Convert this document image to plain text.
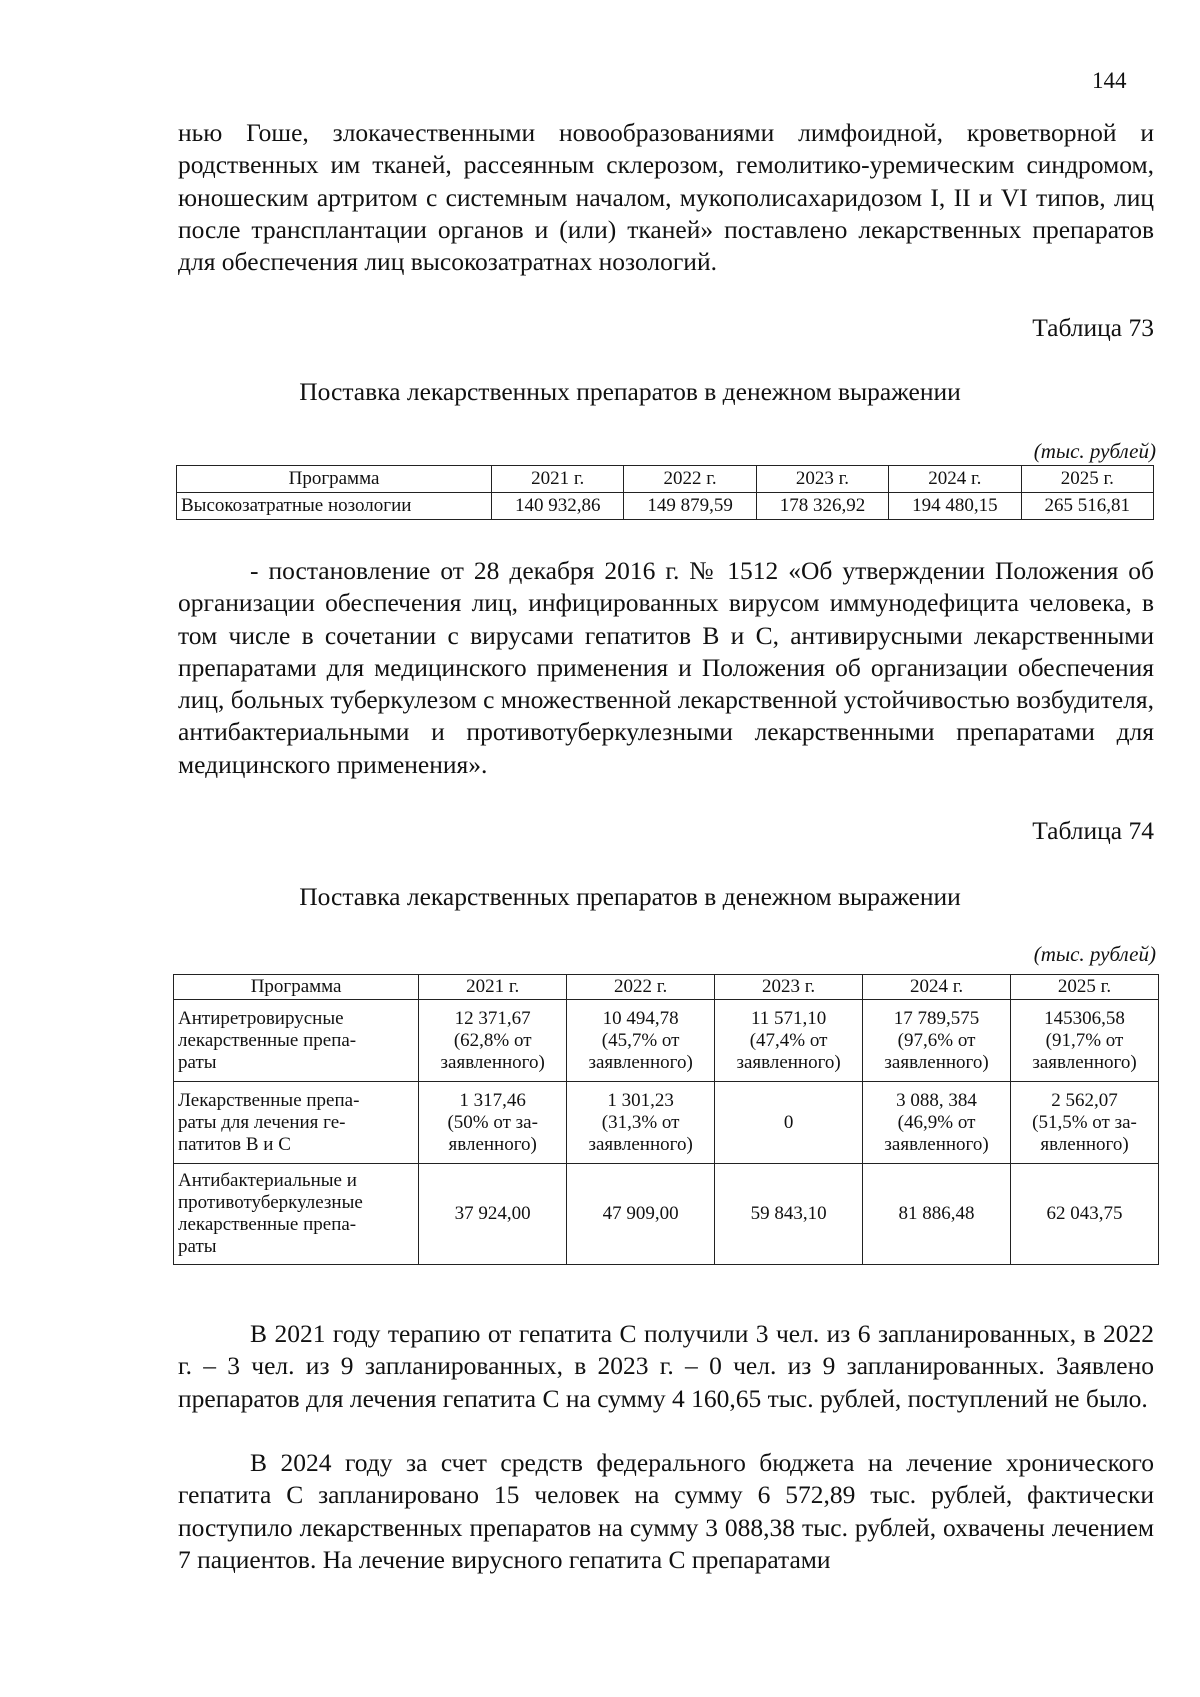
144

нью Гоше, злокачественными новообразованиями лимфоидной, кроветворной и родственных им тканей, рассеянным склерозом, гемолитико-уремическим синдромом, юношеским артритом с системным началом, мукополисахаридозом I, II и VI типов, лиц после трансплантации органов и (или) тканей» поставлено лекарственных препаратов для обеспечения лиц высокозатратнах нозологий.

Таблица 73
Поставка лекарственных препаратов в денежном выражении
(тыс. рублей)
Программа	2021 г.	2022 г.	2023 г.	2024 г.	2025 г.
Высокозатратные нозологии	140 932,86	149 879,59	178 326,92	194 480,15	265 516,81

- постановление от 28 декабря 2016 г. № 1512 «Об утверждении Положения об организации обеспечения лиц, инфицированных вирусом иммунодефицита человека, в том числе в сочетании с вирусами гепатитов В и С, антивирусными лекарственными препаратами для медицинского применения и Положения об организации обеспечения лиц, больных туберкулезом с множественной лекарственной устойчивостью возбудителя, антибактериальными и противотуберкулезными лекарственными препаратами для медицинского применения».

Таблица 74
Поставка лекарственных препаратов в денежном выражении
(тыс. рублей)
Программа	2021 г.	2022 г.	2023 г.	2024 г.	2025 г.

Антиретровирусные
лекарственные препа-
раты	12 371,67
(62,8% от
заявленного)	10 494,78
(45,7% от
заявленного)	11 571,10
(47,4% от
заявленного)	17 789,575
(97,6% от
заявленного)	145306,58
(91,7% от
заявленного)

Лекарственные препа-
раты для лечения ге-
патитов В и С	1 317,46
(50% от за-
явленного)	1 301,23
(31,3% от
заявленного)	0	3 088, 384
(46,9% от
заявленного)	2 562,07
(51,5% от за-
явленного)

Антибактериальные и
противотуберкулезные
лекарственные препа-
раты	37 924,00	47 909,00	59 843,10	81 886,48	62 043,75

В 2021 году терапию от гепатита С получили 3 чел. из 6 запланированных, в 2022 г. – 3 чел. из 9 запланированных, в 2023 г. – 0 чел. из 9 запланированных. Заявлено препаратов для лечения гепатита С на сумму 4 160,65 тыс. рублей, поступлений не было.

В 2024 году за счет средств федерального бюджета на лечение хронического гепатита С запланировано 15 человек на сумму 6 572,89 тыс. рублей, фактически поступило лекарственных препаратов на сумму 3 088,38 тыс. рублей, охвачены лечением 7 пациентов. На лечение вирусного гепатита С препаратами
